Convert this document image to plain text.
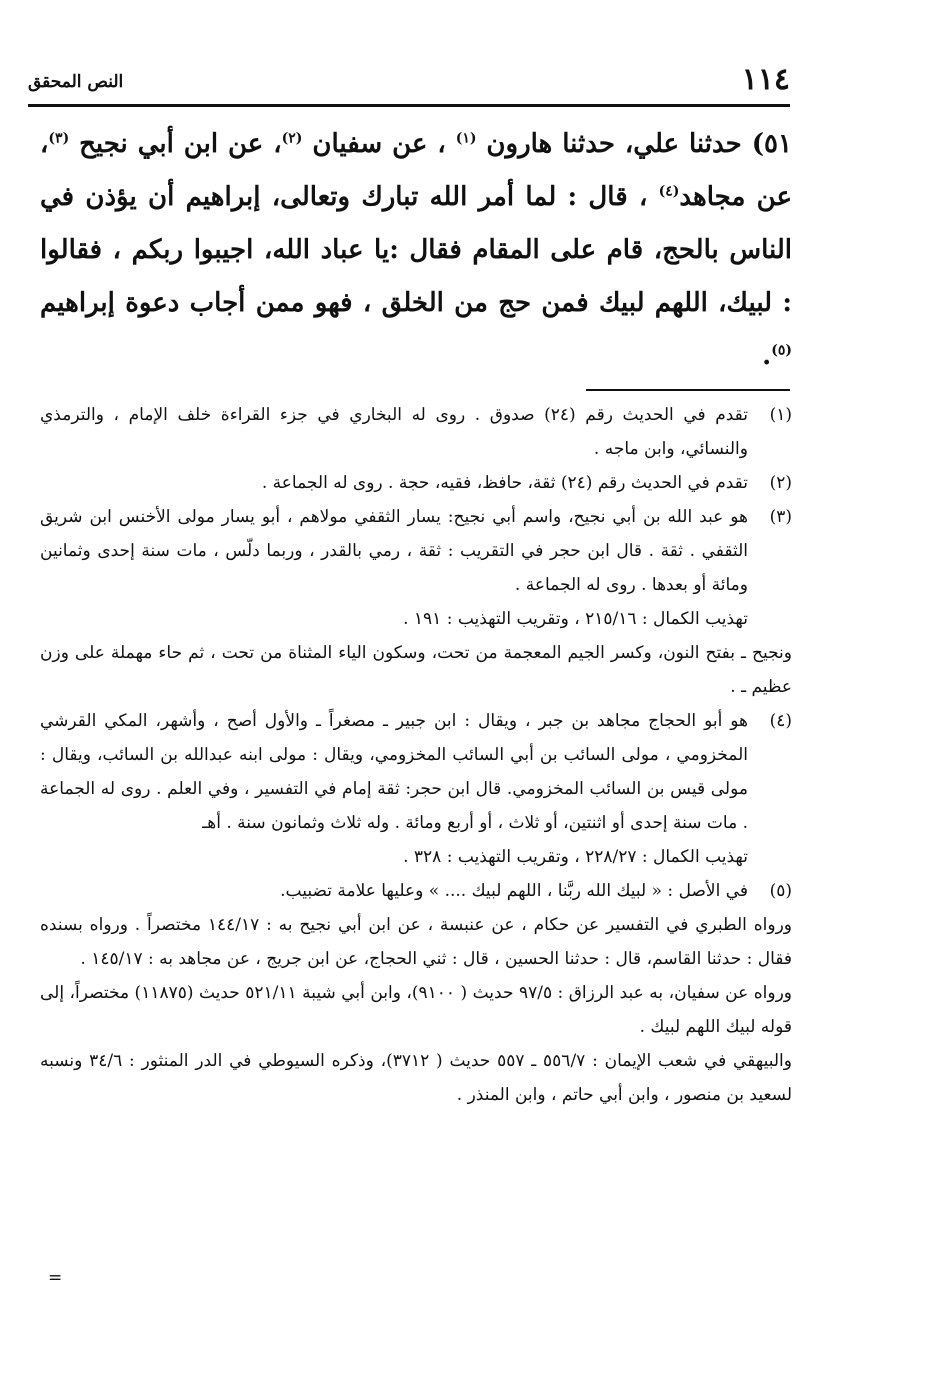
١١٤
النص المحقق
٥١)حدثنا علي، حدثنا هارون $^{(١)}$ ، عن سفيان $^{(٢)}$، عن ابن أبي نجيح $^{(٣)}$، عن مجاهد$^{(٤)}$ ، قال : لما أمر الله تبارك وتعالى، إبراهيم أن يؤذن في الناس بالحج، قام على المقام فقال :يا عباد الله، اجيبوا ربكم ، فقالوا : لبيك، اللهم لبيك فمن حج من الخلق ، فهو ممن أجاب دعوة إبراهيم $^{(٥)}$.
(١)

تقدم في الحديث رقم (٢٤) صدوق . روى له البخاري في جزء القراءة خلف الإمام ، والترمذي والنسائي، وابن ماجه .

(٢)

تقدم في الحديث رقم (٢٤) ثقة، حافظ، فقيه، حجة . روى له الجماعة .

(٣)

هو عبد الله بن أبي نجيح، واسم أبي نجيح: يسار الثقفي مولاهم ، أبو يسار مولى الأخنس ابن شريق الثقفي . ثقة . قال ابن حجر في التقريب : ثقة ، رمي بالقدر ، وربما دلّس ، مات سنة إحدى وثمانين ومائة أو بعدها . روى له الجماعة .

تهذيب الكمال : ٢١٥/١٦ ، وتقريب التهذيب : ١٩١ .

ونجيح ـ بفتح النون، وكسر الجيم المعجمة من تحت، وسكون الياء المثناة من تحت ، ثم حاء مهملة على وزن عظيم ـ .

(٤)

هو أبو الحجاج مجاهد بن جبر ، ويقال : ابن جبير ـ مصغراً ـ والأول أصح ، وأشهر، المكي القرشي المخزومي ، مولى السائب بن أبي السائب المخزومي، ويقال : مولى ابنه عبدالله بن السائب، ويقال : مولى قيس بن السائب المخزومي. قال ابن حجر: ثقة إمام في التفسير ، وفي العلم . روى له الجماعة . مات سنة إحدى أو اثنتين، أو ثلاث ، أو أربع ومائة . وله ثلاث وثمانون سنة . أهـ

تهذيب الكمال : ٢٢٨/٢٧ ، وتقريب التهذيب : ٣٢٨ .

(٥)

في الأصل : « لبيك الله ربَّنا ، اللهم لبيك .... » وعليها علامة تضبيب.

ورواه الطبري في التفسير عن حكام ، عن عنبسة ، عن ابن أبي نجيح به : ١٤٤/١٧ مختصراً . ورواه بسنده فقال : حدثنا القاسم، قال : حدثنا الحسين ، قال : ثني الحجاج، عن ابن جريج ، عن مجاهد به : ١٤٥/١٧ .

ورواه عن سفيان، به عبد الرزاق : ٩٧/٥ حديث ( ٩١٠٠)، وابن أبي شيبة ٥٢١/١١ حديث (١١٨٧٥) مختصراً، إلى قوله لبيك اللهم لبيك .

والبيهقي في شعب الإيمان : ٥٥٦/٧ ـ ٥٥٧ حديث ( ٣٧١٢)، وذكره السيوطي في الدر المنثور : ٣٤/٦ ونسبه لسعيد بن منصور ، وابن أبي حاتم ، وابن المنذر .

=
